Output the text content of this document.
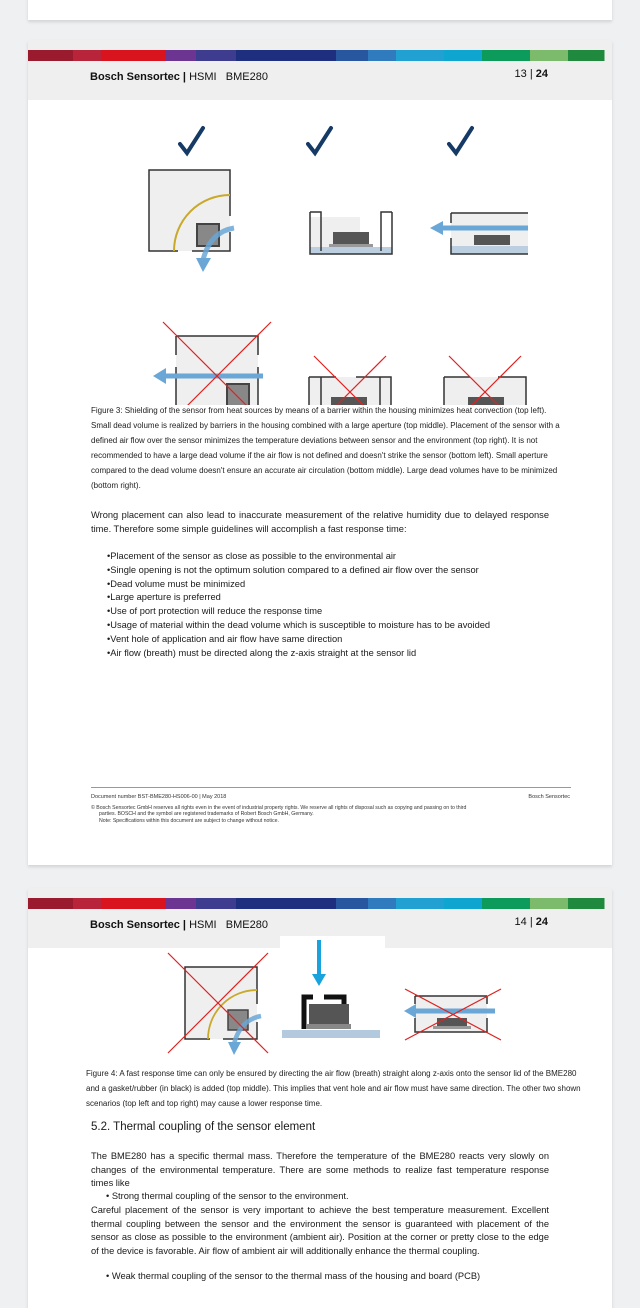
Bosch Sensortec | HSMI BME280	13 | 24
Figure 3: Shielding of the sensor from heat sources by means of a barrier within the housing minimizes heat convection (top left). Small dead volume is realized by barriers in the housing combined with a large aperture (top middle). Placement of the sensor with a defined air flow over the sensor minimizes the temperature deviations between sensor and the environment (top right). It is not recommended to have a large dead volume if the air flow is not defined and doesn't strike the sensor (bottom left). Small aperture compared to the dead volume doesn't ensure an accurate air circulation (bottom middle). Large dead volumes have to be minimized (bottom right).
Wrong placement can also lead to inaccurate measurement of the relative humidity due to delayed response time. Therefore some simple guidelines will accomplish a fast response time:
•Placement of the sensor as close as possible to the environmental air
•Single opening is not the optimum solution compared to a defined air flow over the sensor
•Dead volume must be minimized
•Large aperture is preferred
•Use of port protection will reduce the response time
•Usage of material within the dead volume which is susceptible to moisture has to be avoided
•Vent hole of application and air flow have same direction
•Air flow (breath) must be directed along the z-axis straight at the sensor lid
Document number BST-BME280-HS006-00 | May 2018	Bosch Sensortec
© Bosch Sensortec GmbH reserves all rights even in the event of industrial property rights. We reserve all rights of disposal such as copying and passing on to third
parties. BOSCH and the symbol are registered trademarks of Robert Bosch GmbH, Germany.
Note: Specifications within this document are subject to change without notice.
Bosch Sensortec | HSMI BME280	14 | 24
Figure 4: A fast response time can only be ensured by directing the air flow (breath) straight along z-axis onto the sensor lid of the BME280 and a gasket/rubber (in black) is added (top middle). This implies that vent hole and air flow must have same direction. The other two shown scenarios (top left and top right) may cause a lower response time.
5.2. Thermal coupling of the sensor element
The BME280 has a specific thermal mass. Therefore the temperature of the BME280 reacts very slowly on changes of the environmental temperature. There are some methods to realize fast temperature response times like
• Strong thermal coupling of the sensor to the environment.
Careful placement of the sensor is very important to achieve the best temperature measurement. Excellent thermal coupling between the sensor and the environment the sensor is guaranteed with placement of the sensor as close as possible to the environment (ambient air). Position at the corner or pretty close to the edge of the device is favorable. Air flow of ambient air will additionally enhance the thermal coupling.
• Weak thermal coupling of the sensor to the thermal mass of the housing and board (PCB)
